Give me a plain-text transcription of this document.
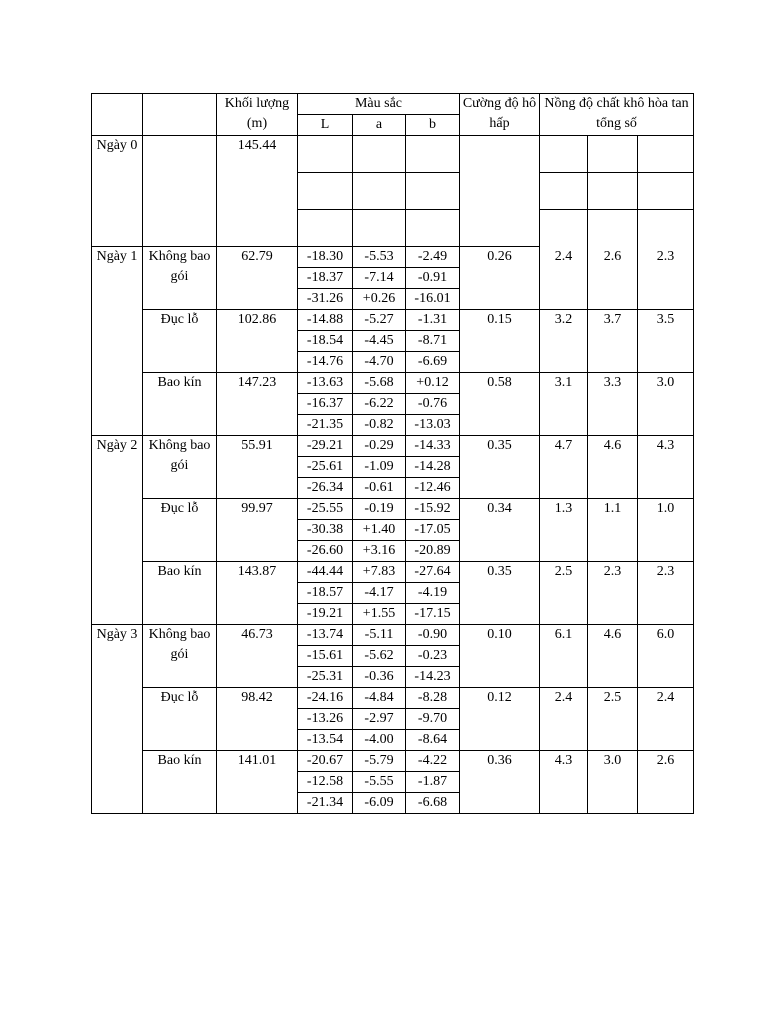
		Khối lượng (m)	Màu sắc			Cường độ hô hấp	Nồng độ chất khô hòa tan tổng số		
			L	a	b				
Ngày 0		145.44							

Ngày 1	Không bao gói	62.79	-18.30	-5.53	-2.49	0.26	2.4	2.6	2.3
			-18.37	-7.14	-0.91				
			-31.26	+0.26	-16.01				
	Đục lỗ	102.86	-14.88	-5.27	-1.31	0.15	3.2	3.7	3.5
			-18.54	-4.45	-8.71				
			-14.76	-4.70	-6.69				
	Bao kín	147.23	-13.63	-5.68	+0.12	0.58	3.1	3.3	3.0
			-16.37	-6.22	-0.76				
			-21.35	-0.82	-13.03				
Ngày 2	Không bao gói	55.91	-29.21	-0.29	-14.33	0.35	4.7	4.6	4.3
			-25.61	-1.09	-14.28				
			-26.34	-0.61	-12.46				
	Đục lỗ	99.97	-25.55	-0.19	-15.92	0.34	1.3	1.1	1.0
			-30.38	+1.40	-17.05				
			-26.60	+3.16	-20.89				
	Bao kín	143.87	-44.44	+7.83	-27.64	0.35	2.5	2.3	2.3
			-18.57	-4.17	-4.19				
			-19.21	+1.55	-17.15				
Ngày 3	Không bao gói	46.73	-13.74	-5.11	-0.90	0.10	6.1	4.6	6.0
			-15.61	-5.62	-0.23				
			-25.31	-0.36	-14.23				
	Đục lỗ	98.42	-24.16	-4.84	-8.28	0.12	2.4	2.5	2.4
			-13.26	-2.97	-9.70				
			-13.54	-4.00	-8.64				
	Bao kín	141.01	-20.67	-5.79	-4.22	0.36	4.3	3.0	2.6
			-12.58	-5.55	-1.87				
			-21.34	-6.09	-6.68				
